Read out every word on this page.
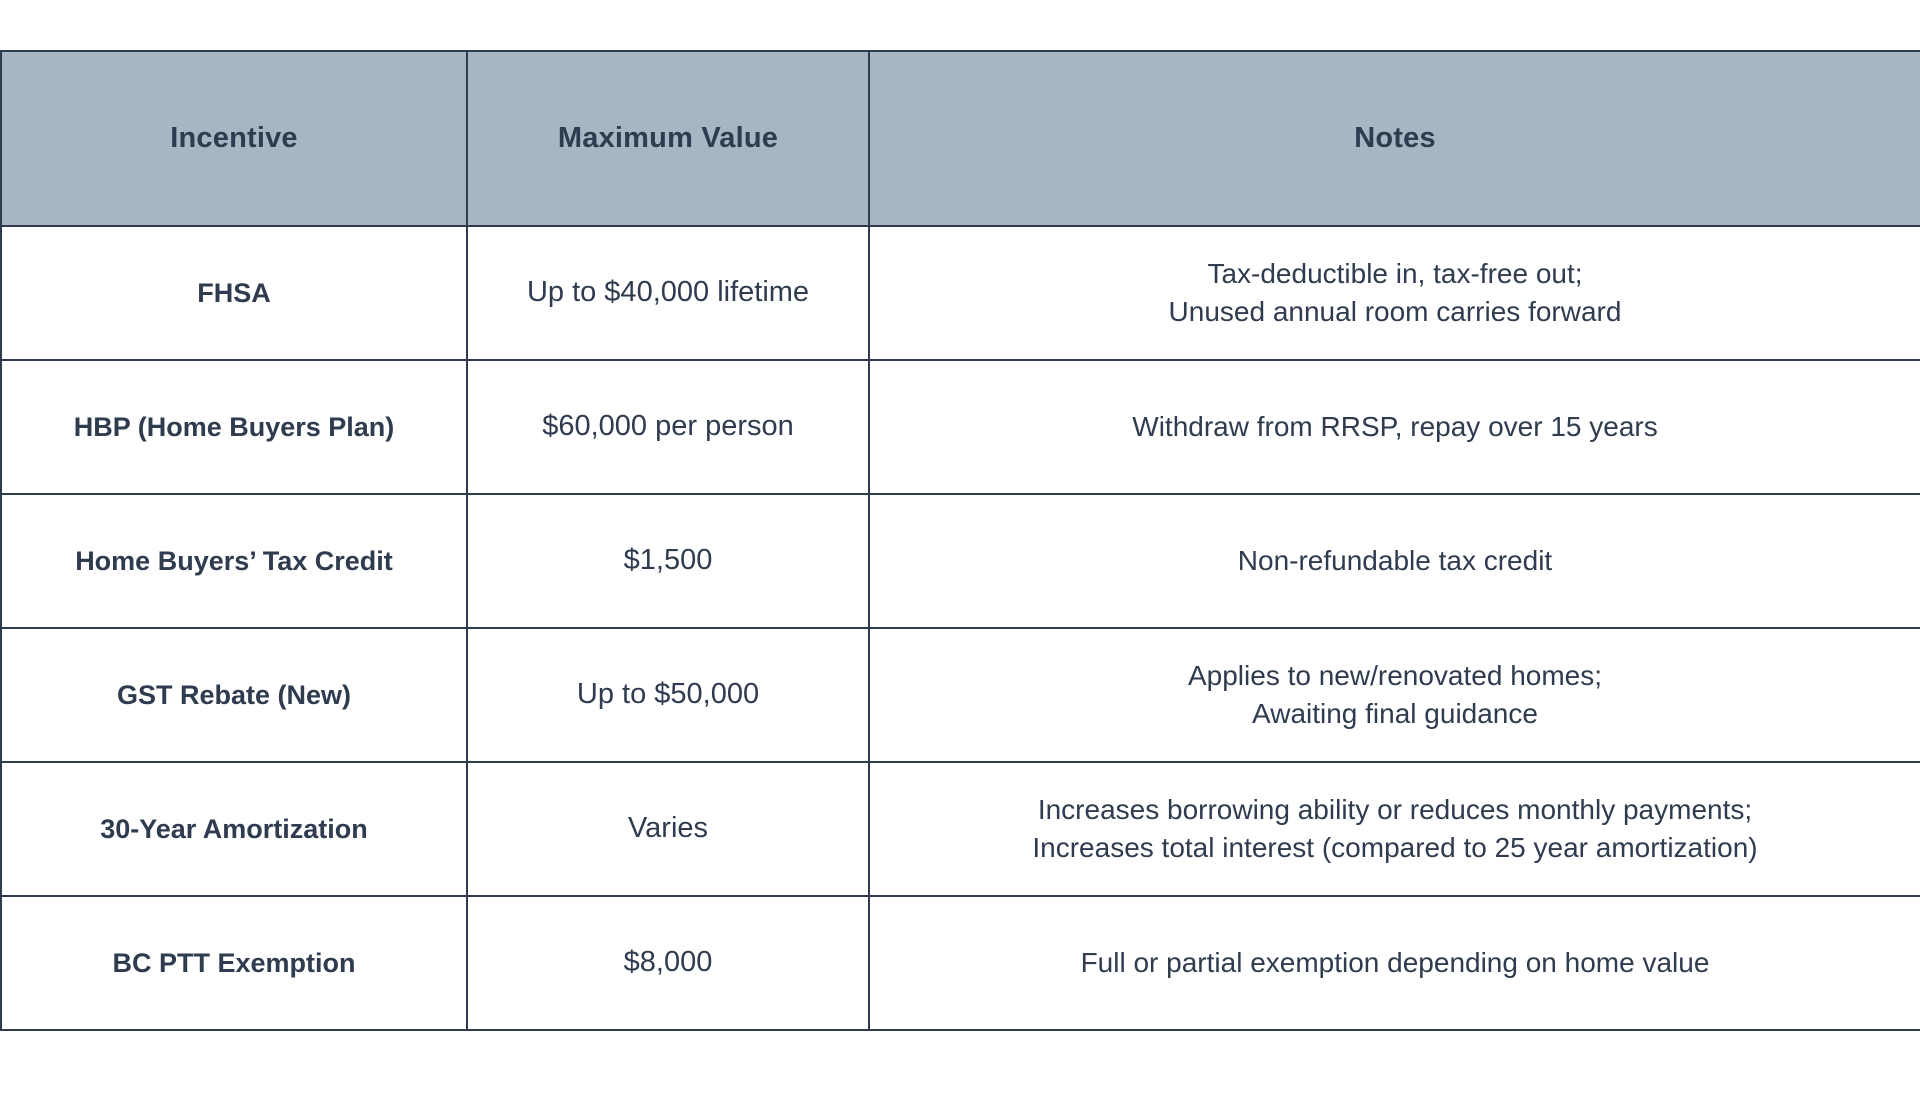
Incentive	Maximum Value	Notes
FHSA	Up to $40,000 lifetime	Tax-deductible in, tax-free out;
Unused annual room carries forward

HBP (Home Buyers Plan)	$60,000 per person	Withdraw from RRSP, repay over 15 years

Home Buyers’ Tax Credit	$1,500	Non-refundable tax credit

GST Rebate (New)	Up to $50,000	Applies to new/renovated homes;
Awaiting final guidance

30-Year Amortization	Varies	Increases borrowing ability or reduces monthly payments;
Increases total interest (compared to 25 year amortization)

BC PTT Exemption	$8,000	Full or partial exemption depending on home value
